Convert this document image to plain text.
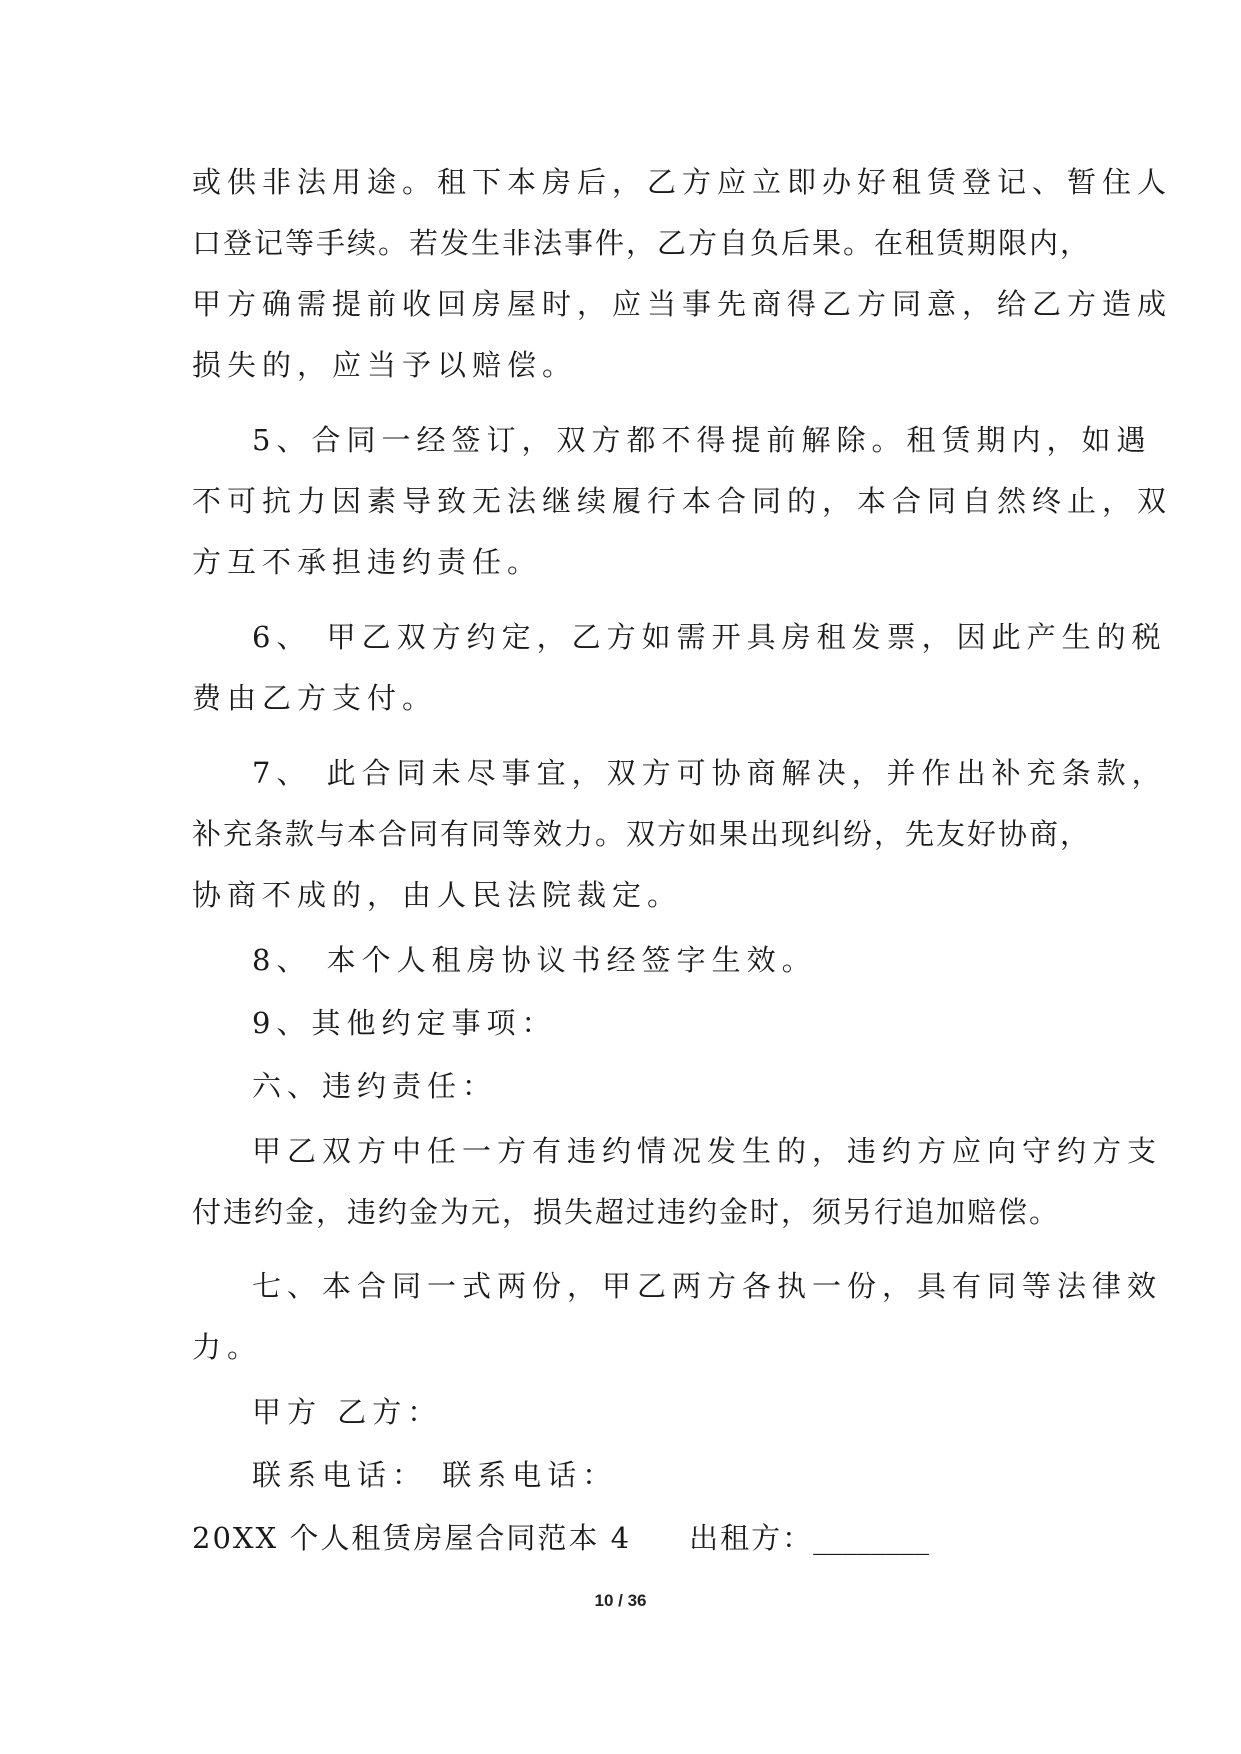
或供非法用途。租下本房后，乙方应立即办好租赁登记、暂住人
口登记等手续。若发生非法事件，乙方自负后果。在租赁期限内，
甲方确需提前收回房屋时，应当事先商得乙方同意，给乙方造成
损失的，应当予以赔偿。
5、合同一经签订，双方都不得提前解除。租赁期内，如遇
不可抗力因素导致无法继续履行本合同的，本合同自然终止，双
方互不承担违约责任。
6、 甲乙双方约定，乙方如需开具房租发票，因此产生的税
费由乙方支付。
7、 此合同未尽事宜，双方可协商解决，并作出补充条款，
补充条款与本合同有同等效力。双方如果出现纠纷，先友好协商，
协商不成的，由人民法院裁定。
8、 本个人租房协议书经签字生效。
9、其他约定事项：
六、违约责任：
甲乙双方中任一方有违约情况发生的，违约方应向守约方支
付违约金，违约金为元，损失超过违约金时，须另行追加赔偿。
七、本合同一式两份，甲乙两方各执一份，具有同等法律效
力。
甲方 乙方：
联系电话： 联系电话：
20XX 个人租赁房屋合同范本 4 出租方：________
10 / 36
